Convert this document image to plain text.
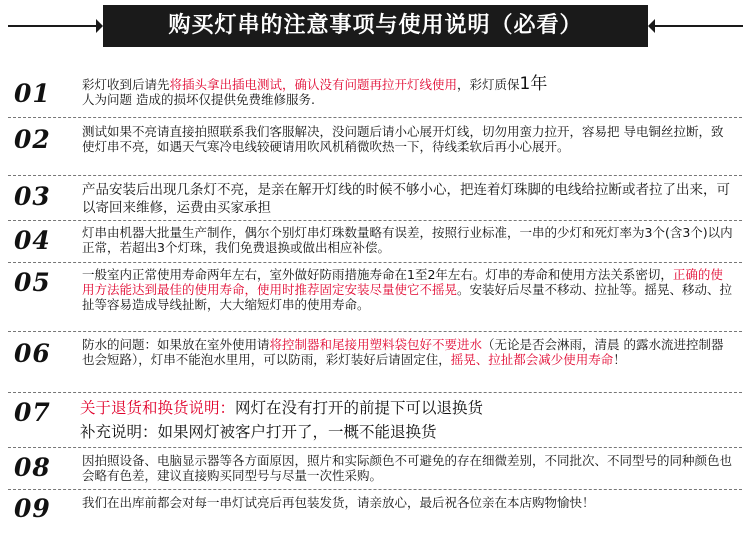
购买灯串的注意事项与使用说明（必看）
01 彩灯收到后请先将插头拿出插电测试，确认没有问题再拉开灯线使用，彩灯质保1年
人为问题 造成的损坏仅提供免费维修服务.
02 测试如果不亮请直接拍照联系我们客服解决，没问题后请小心展开灯线，切勿用蛮力拉开，容易把 导电铜丝拉断，致使灯串不亮，如遇天气寒冷电线较硬请用吹风机稍微吹热一下，待线柔软后再小心展开。
03 产品安装后出现几条灯不亮，是亲在解开灯线的时候不够小心，把连着灯珠脚的电线给拉断或者拉了出来，可以寄回来维修，运费由买家承担
04 灯串由机器大批量生产制作，偶尔个别灯串灯珠数量略有误差，按照行业标准，一串的少灯和死灯率为3个(含3个)以内正常，若超出3个灯珠，我们免费退换或做出相应补偿。
05 一般室内正常使用寿命两年左右，室外做好防雨措施寿命在1至2年左右。灯串的寿命和使用方法关系密切，正确的使用方法能达到最佳的使用寿命，使用时推荐固定安装尽量使它不摇晃。安装好后尽量不移动、拉扯等。摇晃、移动、拉扯等容易造成导线扯断，大大缩短灯串的使用寿命。
06 防水的问题：如果放在室外使用请将控制器和尾接用塑料袋包好不要进水（无论是否会淋雨，清晨 的露水流进控制器也会短路），灯串不能泡水里用，可以防雨，彩灯装好后请固定住，摇晃、拉扯都会减少使用寿命！
07 关于退货和换货说明：网灯在没有打开的前提下可以退换货
补充说明：如果网灯被客户打开了，一概不能退换货
08 因拍照设备、电脑显示器等各方面原因，照片和实际颜色不可避免的存在细微差别，不同批次、不同型号的同种颜色也会略有色差，建议直接购买同型号与尽量一次性采购。
09 我们在出库前都会对每一串灯试亮后再包装发货，请亲放心，最后祝各位亲在本店购物愉快！
